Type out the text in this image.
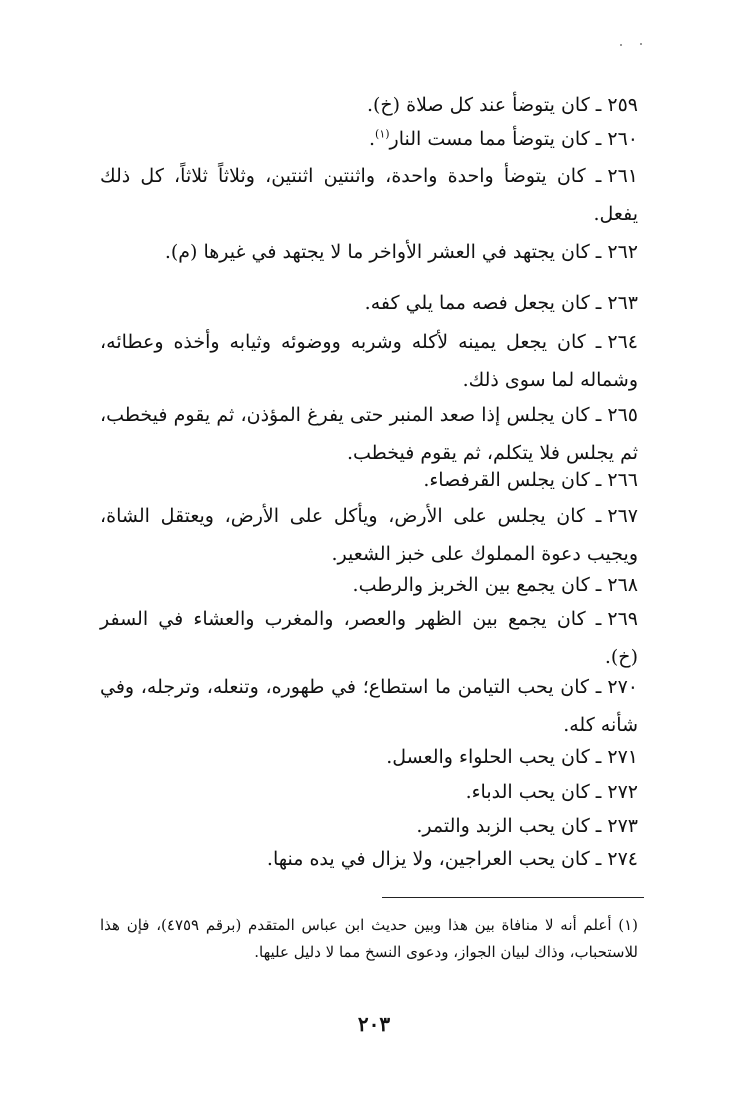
٢٥٩ـ كان يتوضأ عند كل صلاة (خ).

٢٦٠ـ كان يتوضأ مما مست النار$^{(١)}$.

٢٦١ـ كان يتوضأ واحدة واحدة، واثنتين اثنتين، وثلاثاً ثلاثاً، كل ذلك يفعل.

٢٦٢ـ كان يجتهد في العشر الأواخر ما لا يجتهد في غيرها (م).

٢٦٣ـ كان يجعل فصه مما يلي كفه.

٢٦٤ـ كان يجعل يمينه لأكله وشربه ووضوئه وثيابه وأخذه وعطائه، وشماله لما سوى ذلك.

٢٦٥ـ كان يجلس إذا صعد المنبر حتى يفرغ المؤذن، ثم يقوم فيخطب، ثم يجلس فلا يتكلم، ثم يقوم فيخطب.

٢٦٦ـ كان يجلس القرفصاء.

٢٦٧ـ كان يجلس على الأرض، ويأكل على الأرض، ويعتقل الشاة، ويجيب دعوة المملوك على خبز الشعير.

٢٦٨ـ كان يجمع بين الخربز والرطب.

٢٦٩ـ كان يجمع بين الظهر والعصر، والمغرب والعشاء في السفر (خ).

٢٧٠ـ كان يحب التيامن ما استطاع؛ في طهوره، وتنعله، وترجله، وفي شأنه كله.

٢٧١ـ كان يحب الحلواء والعسل.

٢٧٢ـ كان يحب الدباء.

٢٧٣ـ كان يحب الزبد والتمر.

٢٧٤ـ كان يحب العراجين، ولا يزال في يده منها.

(١) أعلم أنه لا منافاة بين هذا وبين حديث ابن عباس المتقدم (برقم ٤٧٥٩)، فإن هذا للاستحباب، وذاك لبيان الجواز، ودعوى النسخ مما لا دليل عليها.
٢٠٣
